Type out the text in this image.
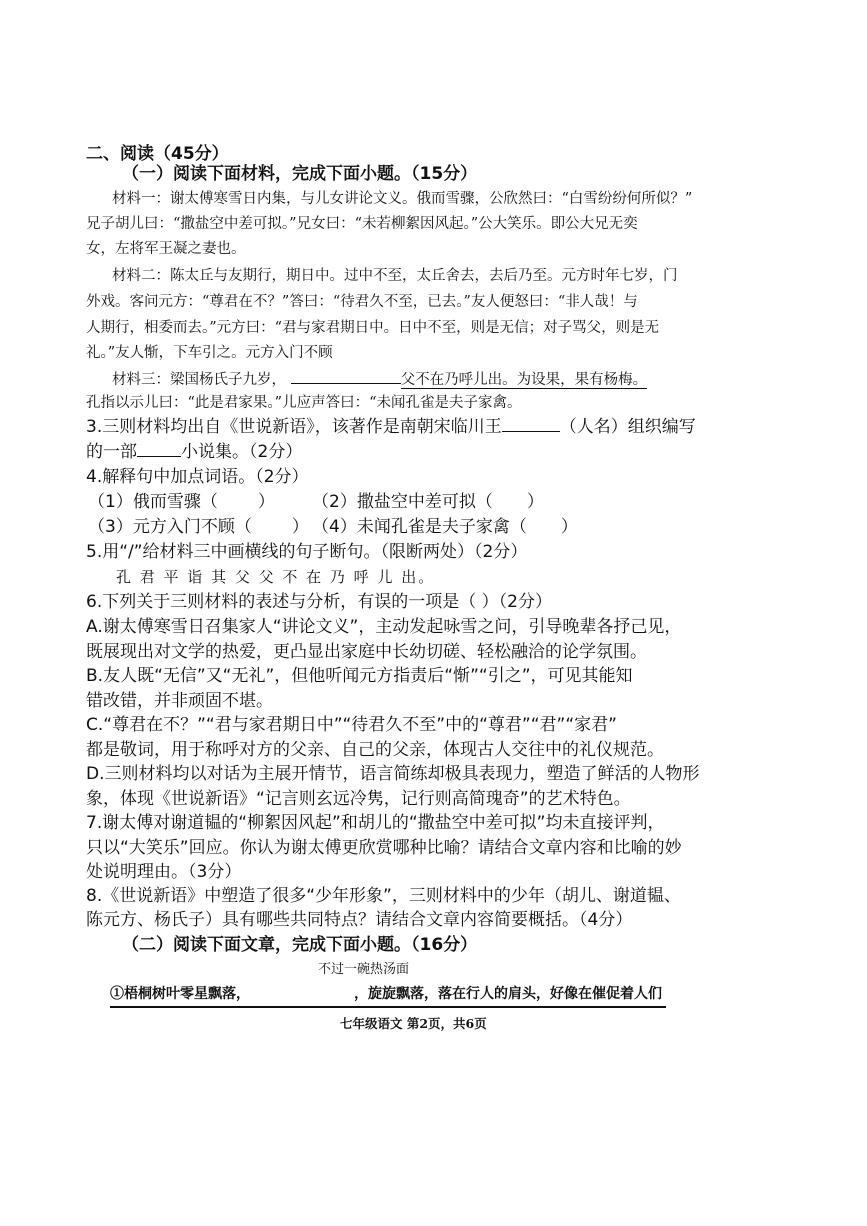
二、阅读（45分）
（一）阅读下面材料，完成下面小题。（15分）
材料一：谢太傅寒雪日内集，与儿女讲论文义。俄而雪骤，公欣然曰：“白雪纷纷何所似？”
兄子胡儿曰：“撒盐空中差可拟。”兄女曰：“未若柳絮因风起。”公大笑乐。即公大兄无奕
女，左将军王凝之妻也。
材料二：陈太丘与友期行，期日中。过中不至，太丘舍去，去后乃至。元方时年七岁，门
外戏。客问元方：“尊君在不？”答曰：“待君久不至，已去。”友人便怒曰：“非人哉！与
人期行，相委而去。”元方曰：“君与家君期日中。日中不至，则是无信；对子骂父，则是无
礼。”友人惭，下车引之。元方入门不顾
材料三：梁国杨氏子九岁，	父不在乃呼儿出。为设果，果有杨梅。
孔指以示儿曰：“此是君家果。”儿应声答曰：“未闻孔雀是夫子家禽。
3.三则材料均出自《世说新语》，该著作是南朝宋临川王	（人名）组织编写
的一部	小说集。（2分）
4.解释句中加点词语。（2分）
（1）俄而雪骤（ ） （2）撒盐空中差可拟（ ）
（3）元方入门不顾（ ） （4）未闻孔雀是夫子家禽（ ）
5.用“/”给材料三中画横线的句子断句。（限断两处）（2分）
孔 君 平 诣 其 父 父 不 在 乃 呼 儿 出。
6.下列关于三则材料的表述与分析，有误的一项是（ ）（2分）
A.谢太傅寒雪日召集家人“讲论文义”，主动发起咏雪之问，引导晚辈各抒己见，
既展现出对文学的热爱，更凸显出家庭中长幼切磋、轻松融洽的论学氛围。
B.友人既“无信”又“无礼”，但他听闻元方指责后“惭”“引之”，可见其能知
错改错，并非顽固不堪。
C.“尊君在不？”“君与家君期日中”“待君久不至”中的“尊君”“君”“家君”
都是敬词，用于称呼对方的父亲、自己的父亲，体现古人交往中的礼仪规范。
D.三则材料均以对话为主展开情节，语言简练却极具表现力，塑造了鲜活的人物形
象，体现《世说新语》“记言则玄远冷隽，记行则高简瑰奇”的艺术特色。
7.谢太傅对谢道韫的“柳絮因风起”和胡儿的“撒盐空中差可拟”均未直接评判，
只以“大笑乐”回应。你认为谢太傅更欣赏哪种比喻？请结合文章内容和比喻的妙
处说明理由。（3分）
8.《世说新语》中塑造了很多“少年形象”，三则材料中的少年（胡儿、谢道韫、
陈元方、杨氏子）具有哪些共同特点？请结合文章内容简要概括。（4分）
（二）阅读下面文章，完成下面小题。（16分）
不过一碗热汤面
①梧桐树叶零星飘落，	，旋旋飘落，落在行人的肩头，好像在催促着人们
七年级语文 第2页，共6页
